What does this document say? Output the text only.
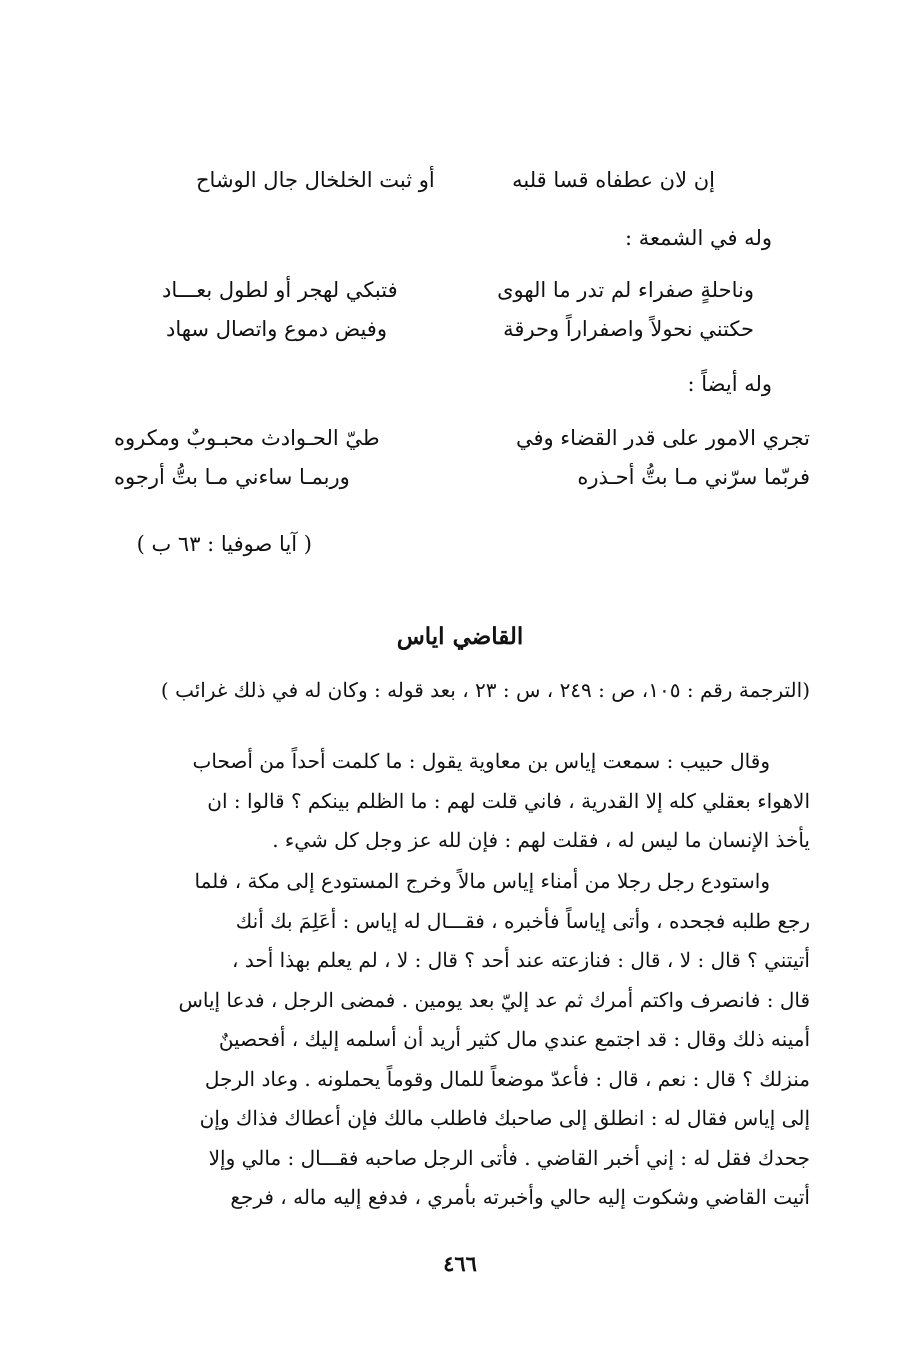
إن لان عطفاه قسا قلبه
أو ثبت الخلخال جال الوشاح
وله في الشمعة :
وناحلةٍ صفراء لم تدر ما الهوى
فتبكي لهجر أو لطول بعـــاد
حكتني نحولاً واصفراراً وحرقة
وفيض دموع واتصال سهاد
وله أيضاً :
تجري الامور على قدر القضاء وفي
طيّ الحـوادث محبـوبٌ ومكروه
فربّما سرّني مـا بتُّ أحـذره
وربمـا ساءني مـا بتُّ أرجوه
( آيا صوفيا : ٦٣ ب )
القاضي اياس
(الترجمة رقم : ١٠٥، ص : ٢٤٩ ، س : ٢٣ ، بعد قوله : وكان له في ذلك غرائب )
وقال حبيب : سمعت إياس بن معاوية يقول : ما كلمت أحداً من أصحاب
الاهواء بعقلي كله إلا القدرية ، فاني قلت لهم : ما الظلم بينكم ؟ قالوا : ان
يأخذ الإنسان ما ليس له ، فقلت لهم : فإن لله عز وجل كل شيء .
واستودع رجل رجلا من أمناء إياس مالاً وخرج المستودع إلى مكة ، فلما
رجع طلبه فجحده ، وأتى إياساً فأخبره ، فقـــال له إياس : أعَلِمَ بك أنك
أتيتني ؟ قال : لا ، قال : فنازعته عند أحد ؟ قال : لا ، لم يعلم بهذا أحد ،
قال : فانصرف واكتم أمرك ثم عد إليّ بعد يومين . فمضى الرجل ، فدعا إياس
أمينه ذلك وقال : قد اجتمع عندي مال كثير أريد أن أسلمه إليك ، أفحصينٌ
منزلك ؟ قال : نعم ، قال : فأعدّ موضعاً للمال وقوماً يحملونه . وعاد الرجل
إلى إياس فقال له : انطلق إلى صاحبك فاطلب مالك فإن أعطاك فذاك وإن
جحدك فقل له : إني أخبر القاضي . فأتى الرجل صاحبه فقـــال : مالي وإلا
أتيت القاضي وشكوت إليه حالي وأخبرته بأمري ، فدفع إليه ماله ، فرجع
٤٦٦
